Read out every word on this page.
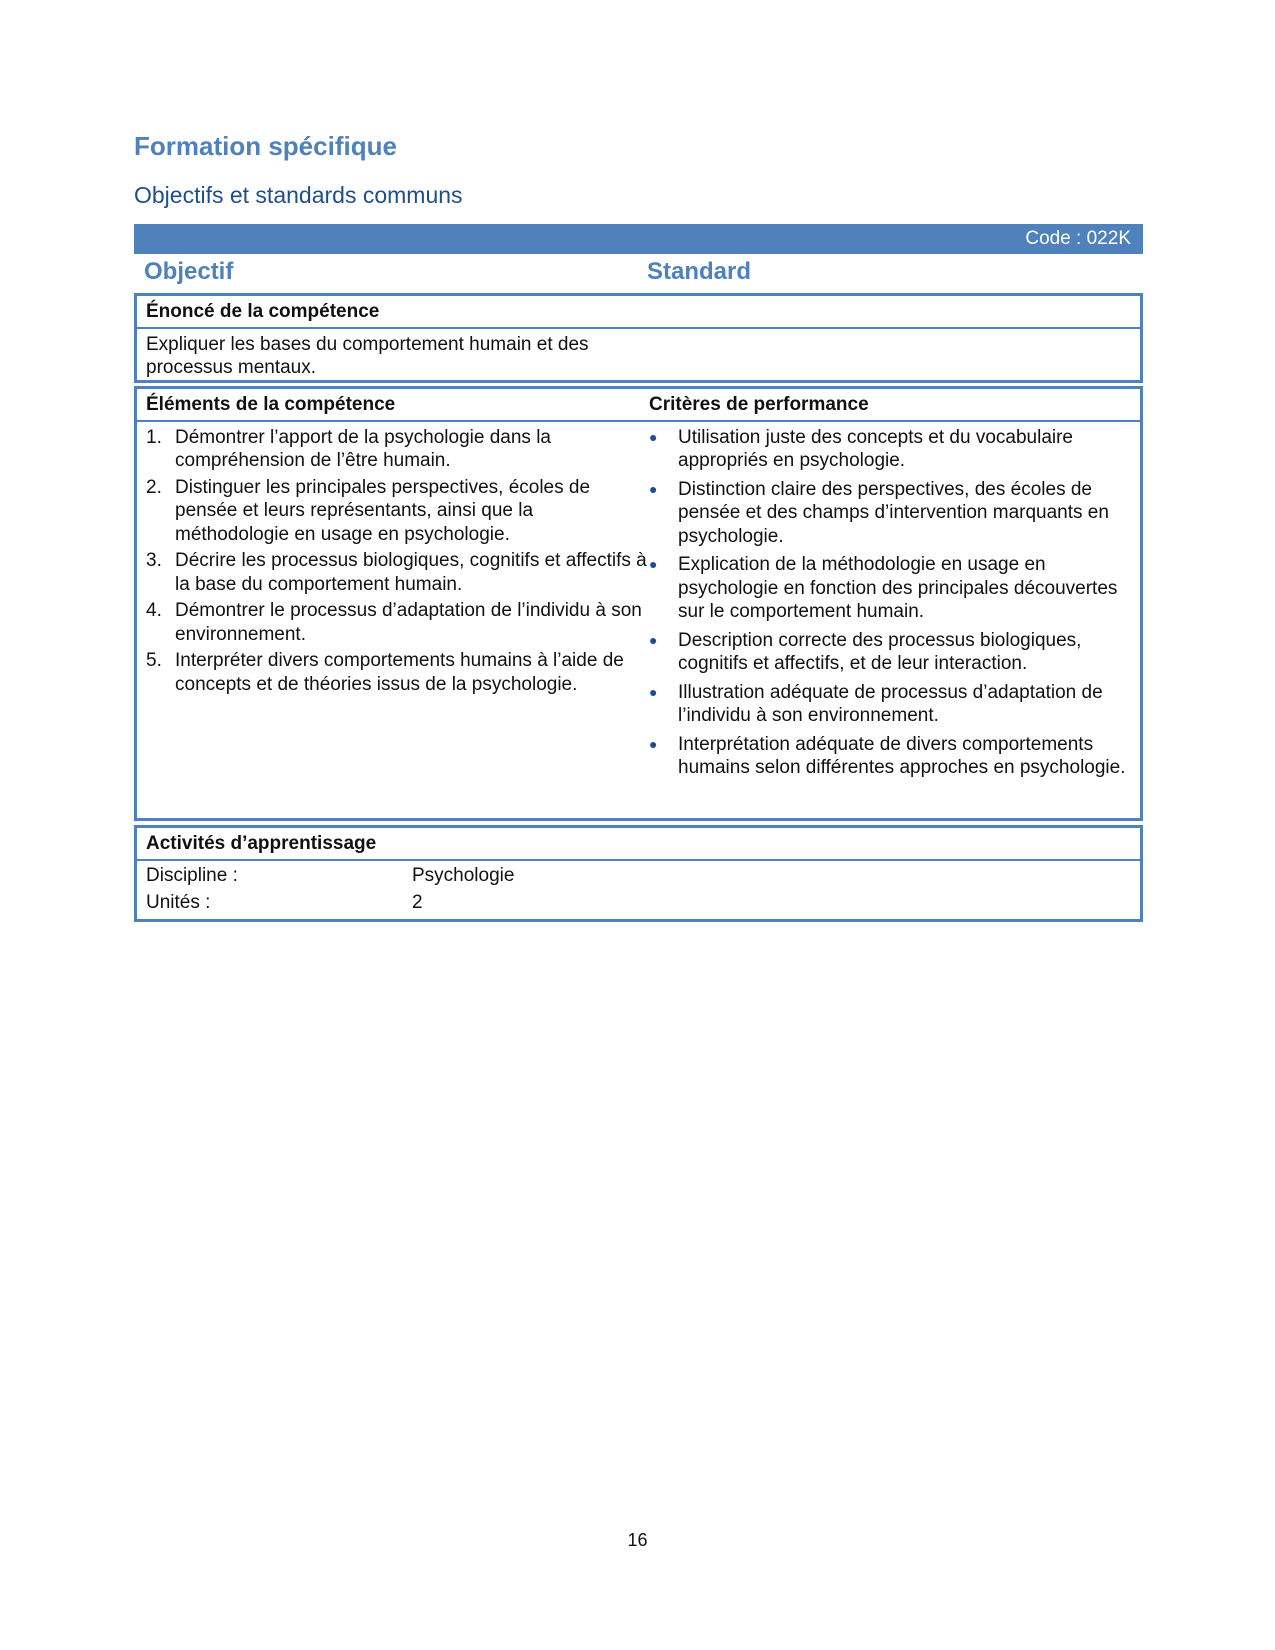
Formation spécifique
Objectifs et standards communs
Code : 022K
Objectif	Standard
Énoncé de la compétence
Expliquer les bases du comportement humain et des processus mentaux.
Éléments de la compétence	Critères de performance
1. Démontrer l’apport de la psychologie dans la compréhension de l’être humain.
2. Distinguer les principales perspectives, écoles de pensée et leurs représentants, ainsi que la méthodologie en usage en psychologie.
3. Décrire les processus biologiques, cognitifs et affectifs à la base du comportement humain.
4. Démontrer le processus d’adaptation de l’individu à son environnement.
5. Interpréter divers comportements humains à l’aide de concepts et de théories issus de la psychologie.
●	Utilisation juste des concepts et du vocabulaire appropriés en psychologie.
●	Distinction claire des perspectives, des écoles de pensée et des champs d’intervention marquants en psychologie.
●	Explication de la méthodologie en usage en psychologie en fonction des principales découvertes sur le comportement humain.
●	Description correcte des processus biologiques, cognitifs et affectifs, et de leur interaction.
●	Illustration adéquate de processus d’adaptation de l’individu à son environnement.
●	Interprétation adéquate de divers comportements humains selon différentes approches en psychologie.
Activités d’apprentissage
Discipline :	Psychologie
Unités :	2
16
